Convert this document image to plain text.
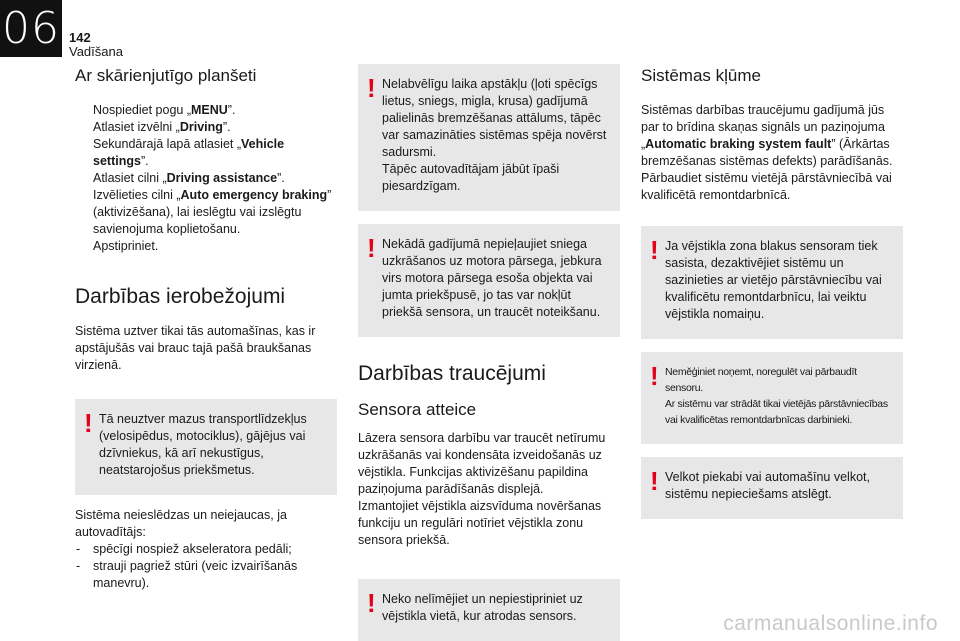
06 142
Vadīšana
Ar skārienjutīgo planšeti
Nospiediet pogu „MENU”.
Atlasiet izvēlni „Driving”.
Sekundārajā lapā atlasiet „Vehicle settings”.
Atlasiet cilni „Driving assistance”.
Izvēlieties cilni „Auto emergency braking” (aktivizēšana), lai ieslēgtu vai izslēgtu savienojuma koplietošanu.
Apstipriniet.
Darbības ierobežojumi

Sistēma uztver tikai tās automašīnas, kas ir apstājušās vai brauc tajā pašā braukšanas virzienā.

! Tā neuztver mazus transportlīdzekļus (velosipēdus, motociklus), gājējus vai dzīvniekus, kā arī nekustīgus, neatstarojošus priekšmetus.

Sistēma neieslēdzas un neiejaucas, ja autovadītājs:

- spēcīgi nospiež akseleratora pedāli;
- strauji pagriež stūri (veic izvairīšanās manevru).
! Nelabvēlīgu laika apstākļu (ļoti spēcīgs lietus, sniegs, migla, krusa) gadījumā palielinās bremzēšanas attālums, tāpēc var samazināties sistēmas spēja novērst sadursmi.

Tāpēc autovadītājam jābūt īpaši piesardzīgam.

! Nekādā gadījumā nepieļaujiet sniega uzkrāšanos uz motora pārsega, jebkura virs motora pārsega esoša objekta vai jumta priekšpusē, jo tas var nokļūt priekšā sensora, un traucēt noteikšanu.

Darbības traucējumi
Sensora atteice

Lāzera sensora darbību var traucēt netīrumu uzkrāšanās vai kondensāta izveidošanās uz vējstikla. Funkcijas aktivizēšanu papildina paziņojuma parādīšanās displejā.

Izmantojiet vējstikla aizsvīduma novēršanas funkciju un regulāri notīriet vējstikla zonu sensora priekšā.

! Neko nelīmējiet un nepiestipriniet uz vējstikla vietā, kur atrodas sensors.

Sistēmas kļūme

Sistēmas darbības traucējumu gadījumā jūs par to brīdina skaņas signāls un paziņojuma „Automatic braking system fault” (Ārkārtas bremzēšanas sistēmas defekts) parādīšanās. Pārbaudiet sistēmu vietējā pārstāvniecībā vai kvalificētā remontdarbnīcā.

! Ja vējstikla zona blakus sensoram tiek sasista, dezaktivējiet sistēmu un sazinieties ar vietējo pārstāvniecību vai kvalificētu remontdarbnīcu, lai veiktu vējstikla nomaiņu.

! Neměģiniet noņemt, noregulēt vai pārbaudīt sensoru.

Ar sistēmu var strādāt tikai vietējās pārstāvniecības vai kvalificētas remontdarbnīcas darbinieki.

! Velkot piekabi vai automašīnu velkot, sistēmu nepieciešams atslēgt.

carmanualsonline.info
